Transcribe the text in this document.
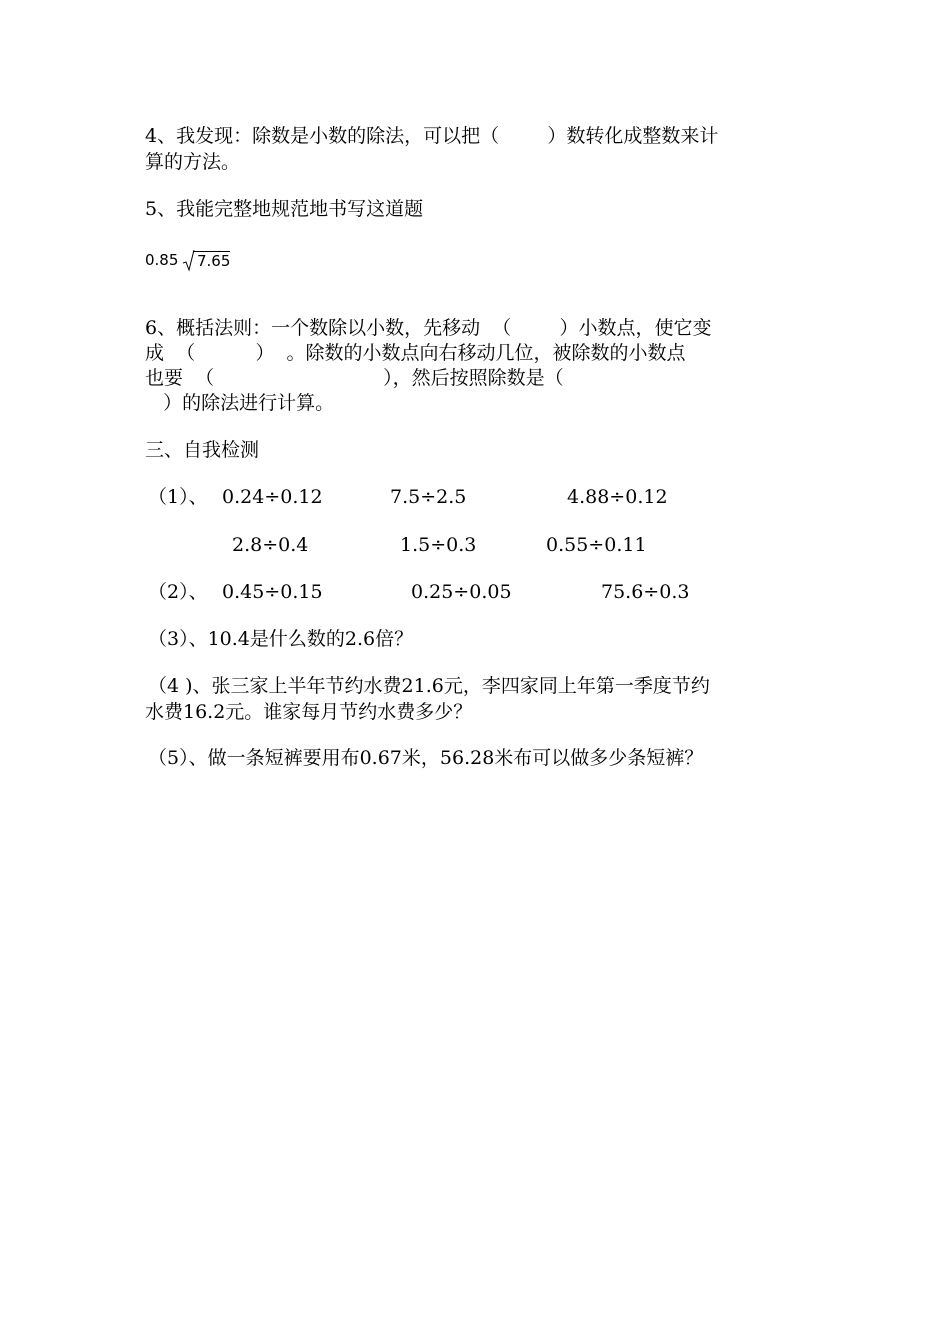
4、我发现：除数是小数的除法，可以把（        ）数转化成整数来计
算的方法。
5、我能完整地规范地书写这道题
0.85 7.65
6、概括法则：一个数除以小数，先移动  （        ）小数点，使它变
成  （          ）  。除数的小数点向右移动几位，被除数的小数点
也要  （                            ），然后按照除数是（
）的除法进行计算。
三、自我检测
（1）、 0.24÷0.12	7.5÷2.5	4.88÷0.12
2.8÷0.4	1.5÷0.3	0.55÷0.11
（2）、 0.45÷0.15	0.25÷0.05	75.6÷0.3
（3）、10.4是什么数的2.6倍？
（4 )、张三家上半年节约水费21.6元，李四家同上年第一季度节约
水费16.2元。谁家每月节约水费多少？
（5）、做一条短裤要用布0.67米，56.28米布可以做多少条短裤？
